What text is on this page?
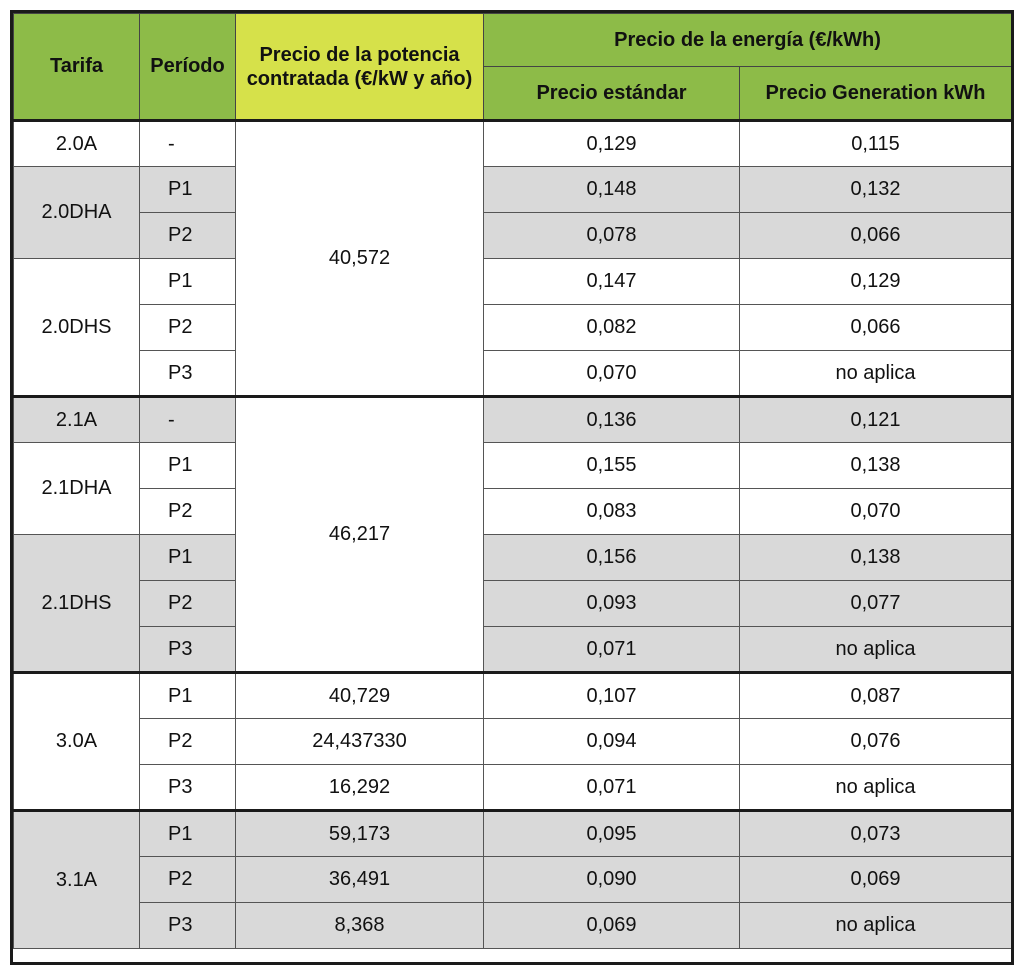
Tarifa	Período	Precio de la potencia contratada (€/kW y año)	Precio de la energía (€/kWh)	
			Precio estándar	Precio Generation kWh
2.0A	-	40,572	0,129	0,115
2.0DHA	P1		0,148	0,132
	P2		0,078	0,066
2.0DHS	P1		0,147	0,129
	P2		0,082	0,066
	P3		0,070	no aplica
2.1A	-	46,217	0,136	0,121
2.1DHA	P1		0,155	0,138
	P2		0,083	0,070
2.1DHS	P1		0,156	0,138
	P2		0,093	0,077
	P3		0,071	no aplica
3.0A	P1	40,729	0,107	0,087
	P2	24,437330	0,094	0,076
	P3	16,292	0,071	no aplica
3.1A	P1	59,173	0,095	0,073
	P2	36,491	0,090	0,069
	P3	8,368	0,069	no aplica
